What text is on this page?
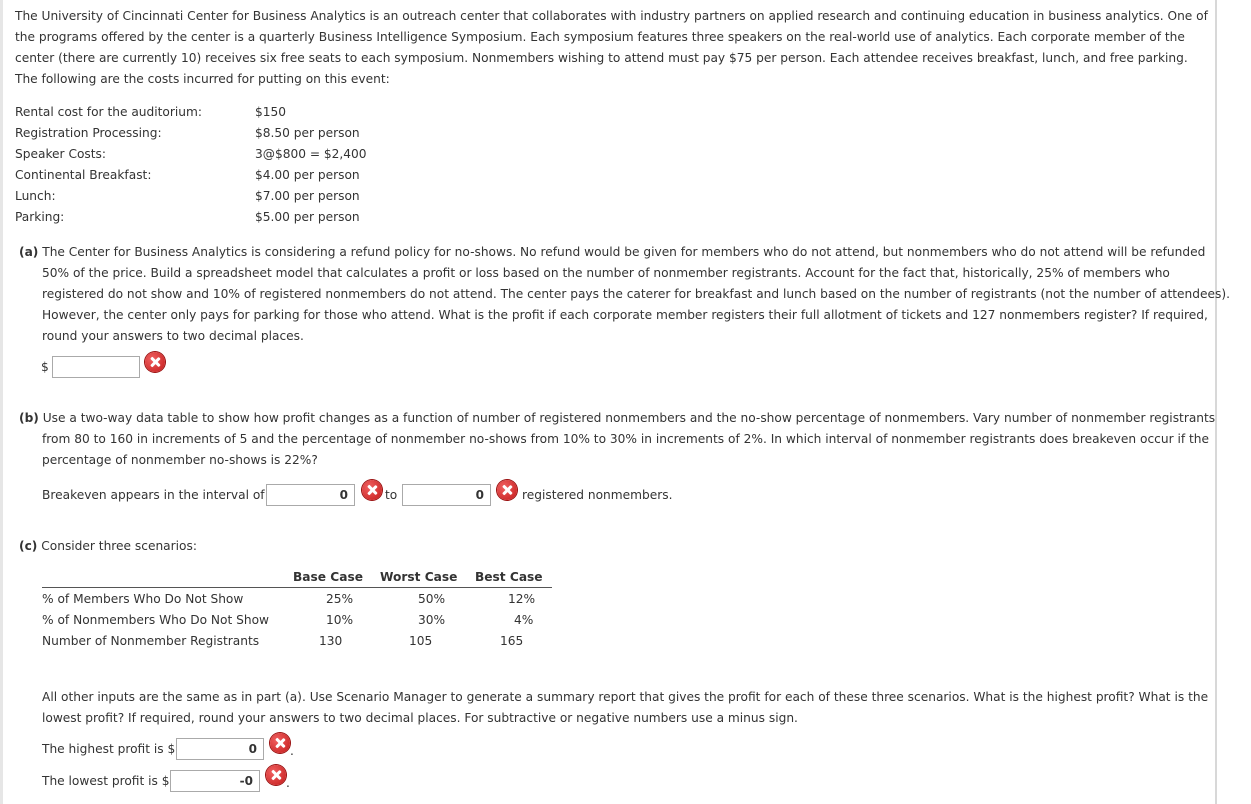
The University of Cincinnati Center for Business Analytics is an outreach center that collaborates with industry partners on applied research and continuing education in business analytics. One of the programs offered by the center is a quarterly Business Intelligence Symposium. Each symposium features three speakers on the real-world use of analytics. Each corporate member of the center (there are currently 10) receives six free seats to each symposium. Nonmembers wishing to attend must pay $75 per person. Each attendee receives breakfast, lunch, and free parking. The following are the costs incurred for putting on this event:
Rental cost for the auditorium:	$150
Registration Processing:	$8.50 per person
Speaker Costs:	3@$800 = $2,400
Continental Breakfast:	$4.00 per person
Lunch:	$7.00 per person
Parking:	$5.00 per person
(a) The Center for Business Analytics is considering a refund policy for no-shows. No refund would be given for members who do not attend, but nonmembers who do not attend will be refunded 50% of the price. Build a spreadsheet model that calculates a profit or loss based on the number of nonmember registrants. Account for the fact that, historically, 25% of members who registered do not show and 10% of registered nonmembers do not attend. The center pays the caterer for breakfast and lunch based on the number of registrants (not the number of attendees). However, the center only pays for parking for those who attend. What is the profit if each corporate member registers their full allotment of tickets and 127 nonmembers register? If required, round your answers to two decimal places.
$
(b) Use a two-way data table to show how profit changes as a function of number of registered nonmembers and the no-show percentage of nonmembers. Vary number of nonmember registrants from 80 to 160 in increments of 5 and the percentage of nonmember no-shows from 10% to 30% in increments of 2%. In which interval of nonmember registrants does breakeven occur if the percentage of nonmember no-shows is 22%?
Breakeven appears in the interval of
0	to
0	registered nonmembers.
(c) Consider three scenarios:
Base Case Worst Case Best Case
% of Members Who Do Not Show	25%	50%	12%
% of Nonmembers Who Do Not Show	10%	30%	4%
Number of Nonmember Registrants	130	105	165
All other inputs are the same as in part (a). Use Scenario Manager to generate a summary report that gives the profit for each of these three scenarios. What is the highest profit? What is the lowest profit? If required, round your answers to two decimal places. For subtractive or negative numbers use a minus sign.
The highest profit is $
0	.
The lowest profit is $
-0	.
